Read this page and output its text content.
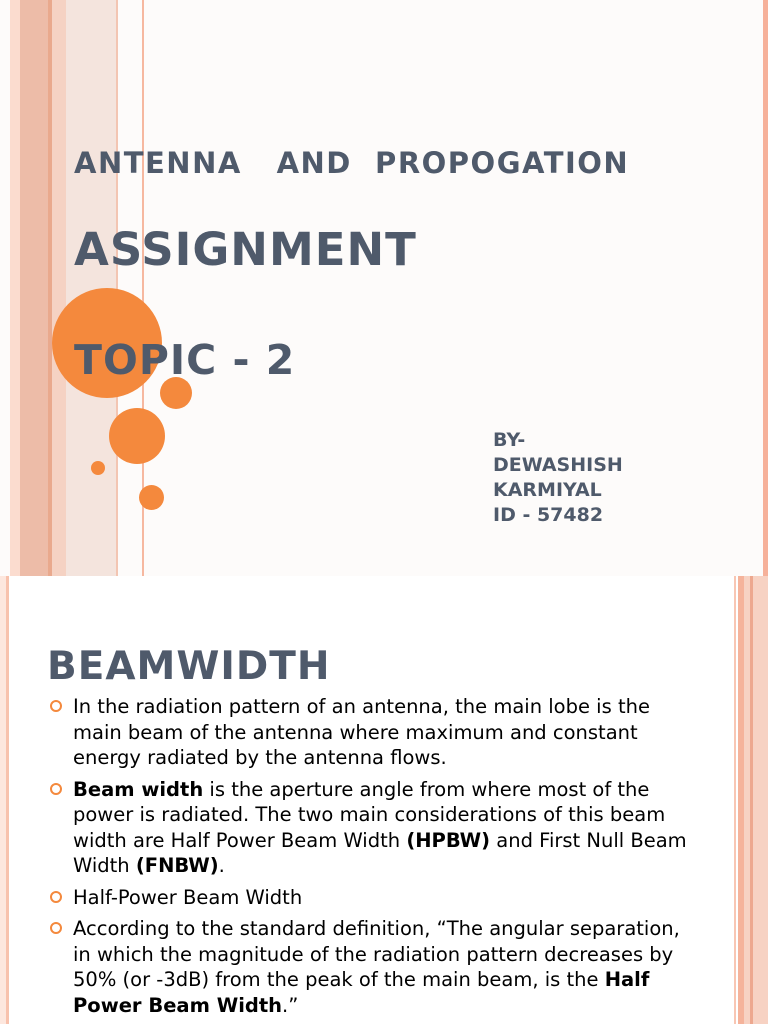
ANTENNA   AND  PROPOGATION
ASSIGNMENT
TOPIC - 2
BY-
DEWASHISH
KARMIYAL
ID - 57482
BEAMWIDTH
In the radiation pattern of an antenna, the main lobe is the main beam of the antenna where maximum and constant energy radiated by the antenna flows.
Beam width is the aperture angle from where most of the power is radiated. The two main considerations of this beam width are Half Power Beam Width (HPBW) and First Null Beam Width (FNBW).
Half-Power Beam Width
According to the standard definition, “The angular separation, in which the magnitude of the radiation pattern decreases by 50% (or -3dB) from the peak of the main beam, is the Half Power Beam Width.”
